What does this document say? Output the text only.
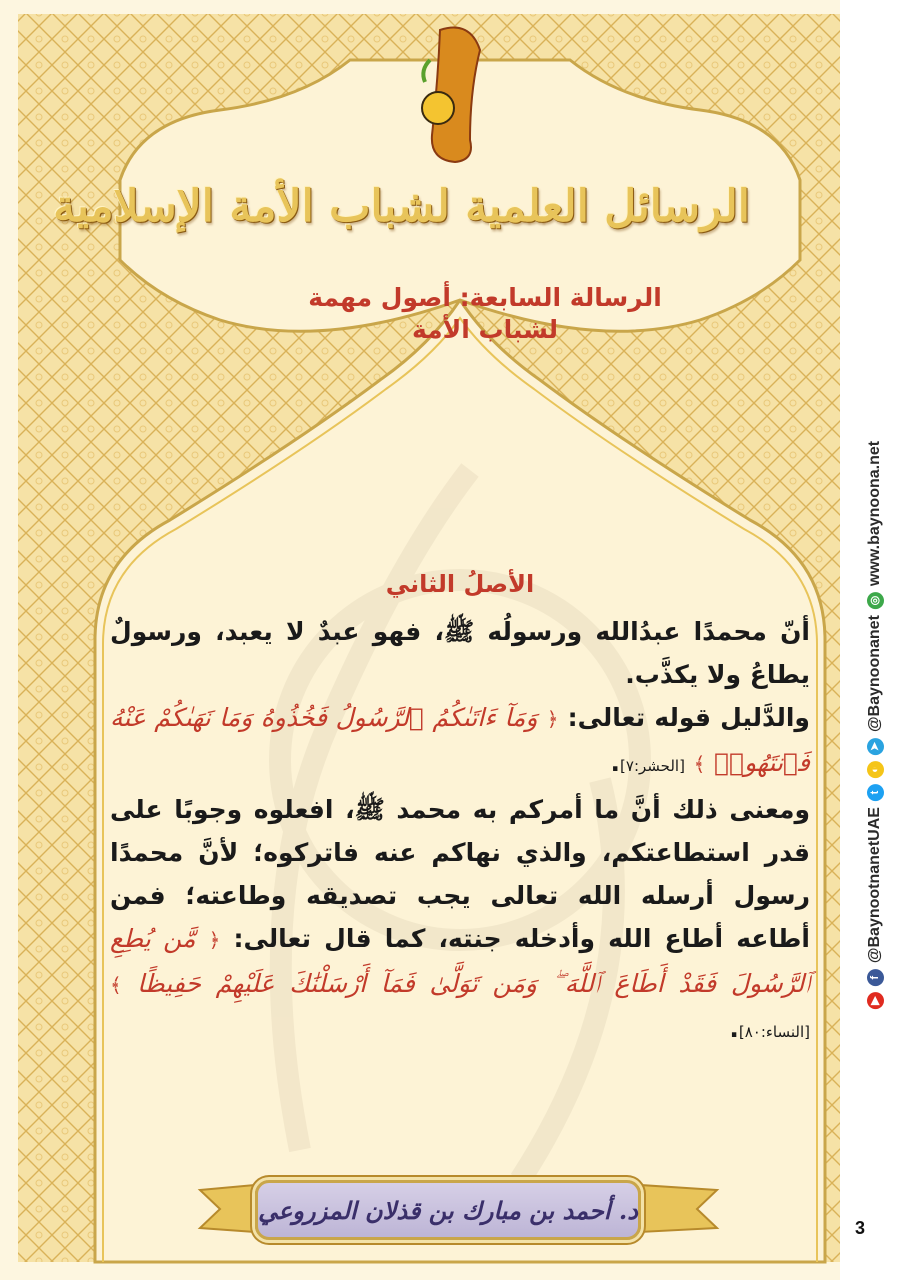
الرسائل العلمية لشباب الأمة الإسلامية
الرسالة السابعة: أصول مهمة
لشباب الأمة
الأصلُ الثاني

أنّ محمدًا عبدُالله ورسولُه ﷺ، فهو عبدٌ لا يعبد، ورسولٌ يطاعُ ولا يكذَّب.

والدَّليل قوله تعالى: ﴿ وَمَآ ءَاتَىٰكُمُ ٱلرَّسُولُ فَخُذُوهُ وَمَا نَهَىٰكُمْ عَنْهُ فَٱنتَهُوا۟ ﴾ [الحشر:٧].

ومعنى ذلك أنَّ ما أمركم به محمد ﷺ، افعلوه وجوبًا على قدر استطاعتكم، والذي نهاكم عنه فاتركوه؛ لأنَّ محمدًا رسول أرسله الله تعالى يجب تصديقه وطاعته؛ فمن أطاعه أطاع الله وأدخله جنته، كما قال تعالى: ﴿ مَّن يُطِعِ ٱلرَّسُولَ فَقَدْ أَطَاعَ ٱللَّهَ ۖ وَمَن تَوَلَّىٰ فَمَآ أَرْسَلْنَٰكَ عَلَيْهِمْ حَفِيظًا ﴾ [النساء:٨٠].

د. أحمد بن مبارك بن قذلان المزروعي
3
▶
f
@BaynootnanetUAE
t
◐
➤
@Baynoonanet
◎
www.baynoona.net
